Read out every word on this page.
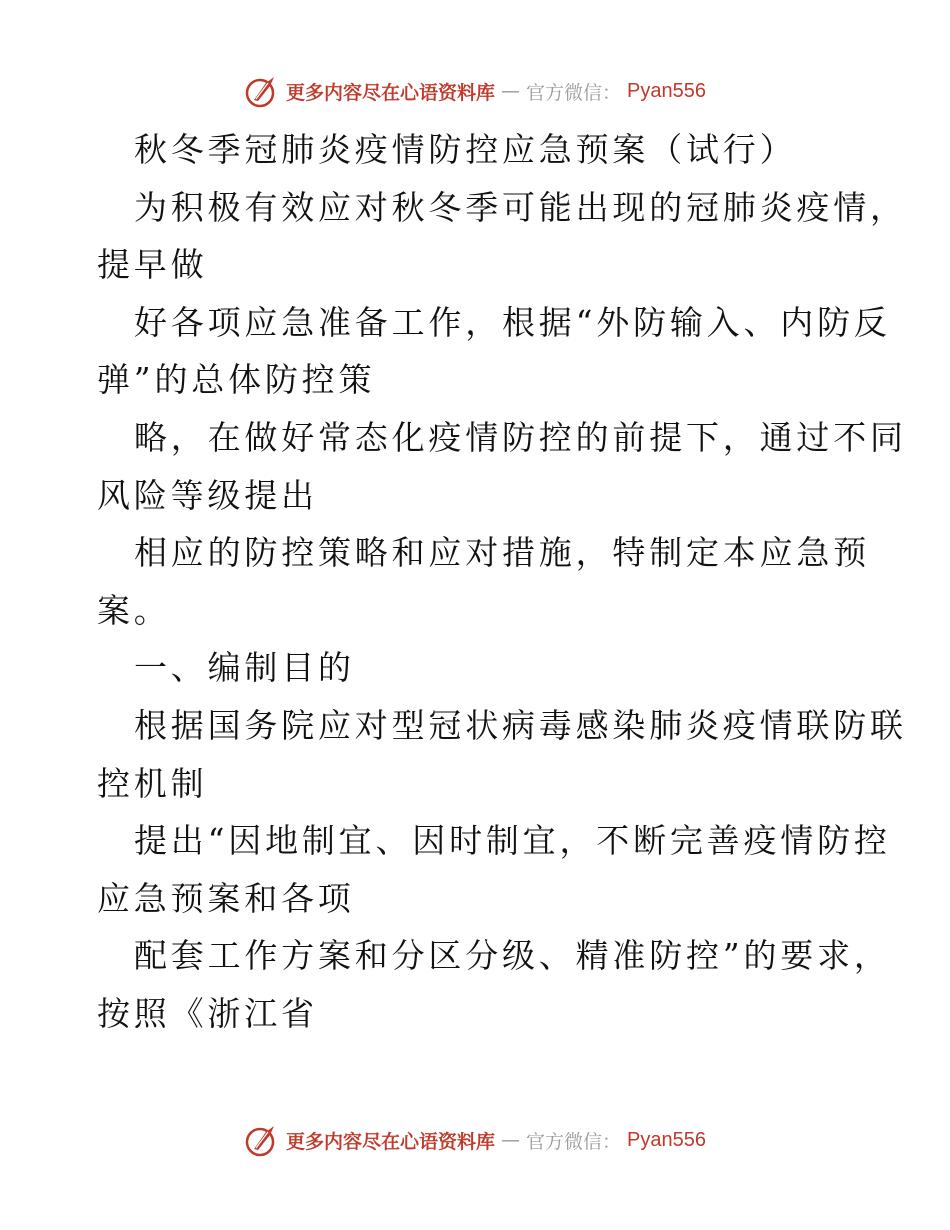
更多内容尽在心语资料库 — 官方微信： Pyan556

秋冬季冠肺炎疫情防控应急预案（试行）

为积极有效应对秋冬季可能出现的冠肺炎疫情，

提早做

好各项应急准备工作，根据“外防输入、内防反

弹”的总体防控策

略，在做好常态化疫情防控的前提下，通过不同

风险等级提出

相应的防控策略和应对措施，特制定本应急预

案。

一、编制目的

根据国务院应对型冠状病毒感染肺炎疫情联防联

控机制

提出“因地制宜、因时制宜，不断完善疫情防控

应急预案和各项

配套工作方案和分区分级、精准防控”的要求，

按照《浙江省

更多内容尽在心语资料库 — 官方微信： Pyan556
